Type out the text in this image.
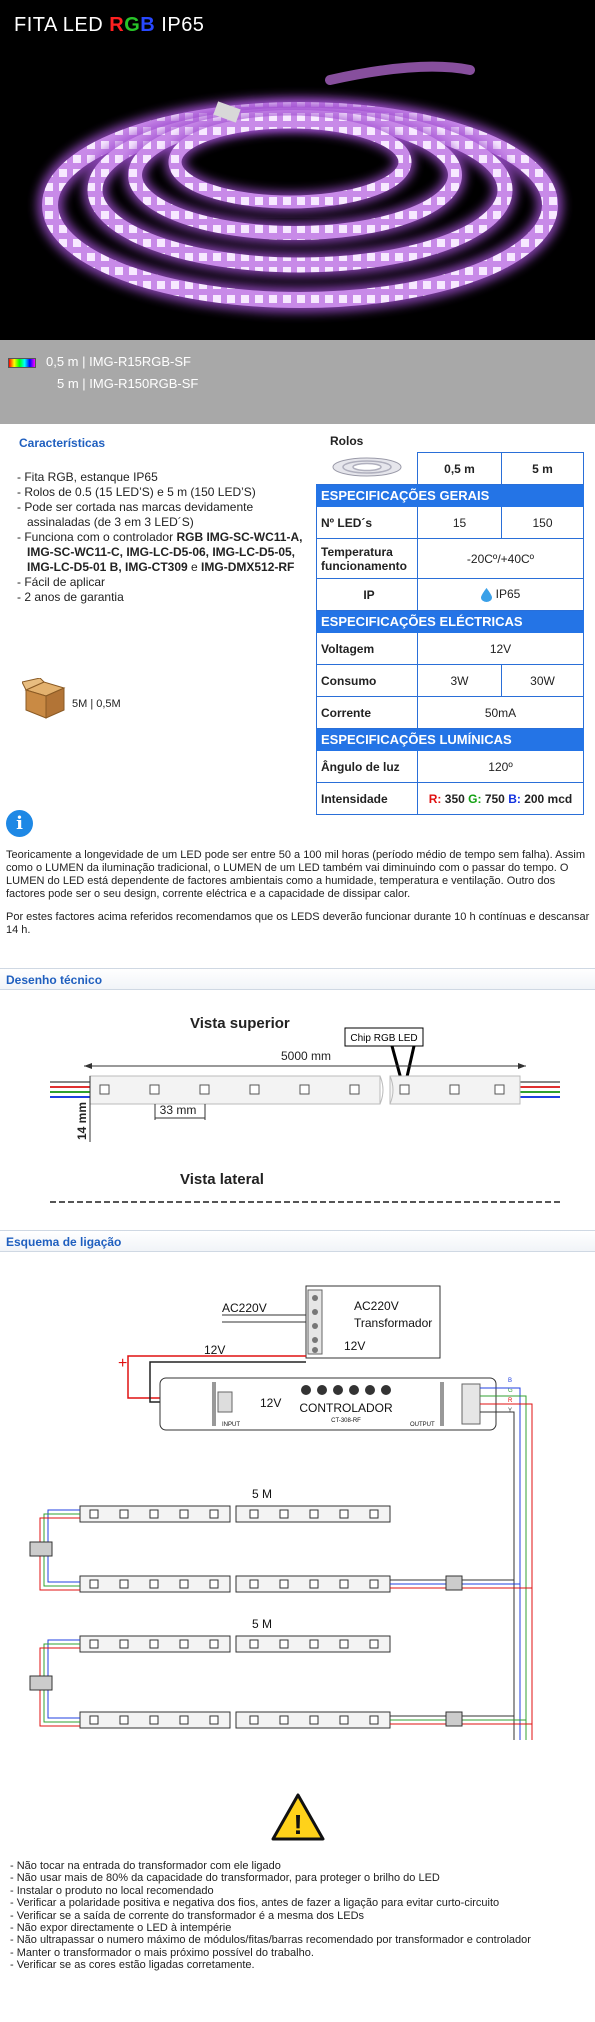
FITA LED RGB IP65
0,5 m | IMG-R15RGB-SF
5 m | IMG-R150RGB-SF
Características
- Fita RGB, estanque IP65
- Rolos de 0.5 (15 LED’S) e 5 m (150 LED’S)
- Pode ser cortada nas marcas devidamente assinaladas (de 3 em 3 LED´S)
- Funciona com o controlador RGB IMG-SC-WC11-A, IMG-SC-WC11-C, IMG-LC-D5-06, IMG-LC-D5-05, IMG-LC-D5-01 B, IMG-CT309 e IMG-DMX512-RF
- Fácil de aplicar
- 2 anos de garantia
5M | 0,5M
Rolos
	0,5 m	5 m
ESPECIFICAÇÕES GERAIS		
Nº LED´s	15	150
Temperatura funcionamento	-20Cº/+40Cº	
IP	IP65	
ESPECIFICAÇÕES ELÉCTRICAS		
Voltagem	12V	
Consumo	3W	30W
Corrente	50mA	
ESPECIFICAÇÕES LUMÍNICAS		
Ângulo de luz	120º	
Intensidade	R: 350 G: 750 B: 200 mcd	
i

Teoricamente a longevidade de um LED pode ser entre 50 a 100 mil horas (período médio de tempo sem falha). Assim como o LUMEN da iluminação tradicional, o LUMEN de um LED também vai diminuindo com o passar do tempo. O LUMEN do LED está dependente de factores ambientais como a humidade, temperatura e ventilação. Outro dos factores pode ser o seu design, corrente eléctrica e a capacidade de dissipar calor.

Por estes factores acima referidos recomendamos que os LEDS deverão funcionar durante 10 h contínuas e descansar 14 h.

Desenho técnico
Vista superior
Chip RGB LED
5000 mm
33 mm
14 mm
Vista lateral
Esquema de ligação
AC220V
Transformador
12V
AC220V
12V
+
12V CONTROLADOR
CT-308-RF
INPUT	OUTPUT
B
G
R
Y
5 M
5 M
!
- Não tocar na entrada do transformador com ele ligado
- Não usar mais de 80% da capacidade do transformador, para proteger o brilho do LED
- Instalar o produto no local recomendado
- Verificar a polaridade positiva e negativa dos fios, antes de fazer a ligação para evitar curto-circuito
- Verificar se a saída de corrente do transformador é a mesma dos LEDs
- Não expor directamente o LED à intempérie
- Não ultrapassar o numero máximo de módulos/fitas/barras recomendado por transformador e controlador
- Manter o transformador o mais próximo possível do trabalho.
- Verificar se as cores estão ligadas corretamente.
